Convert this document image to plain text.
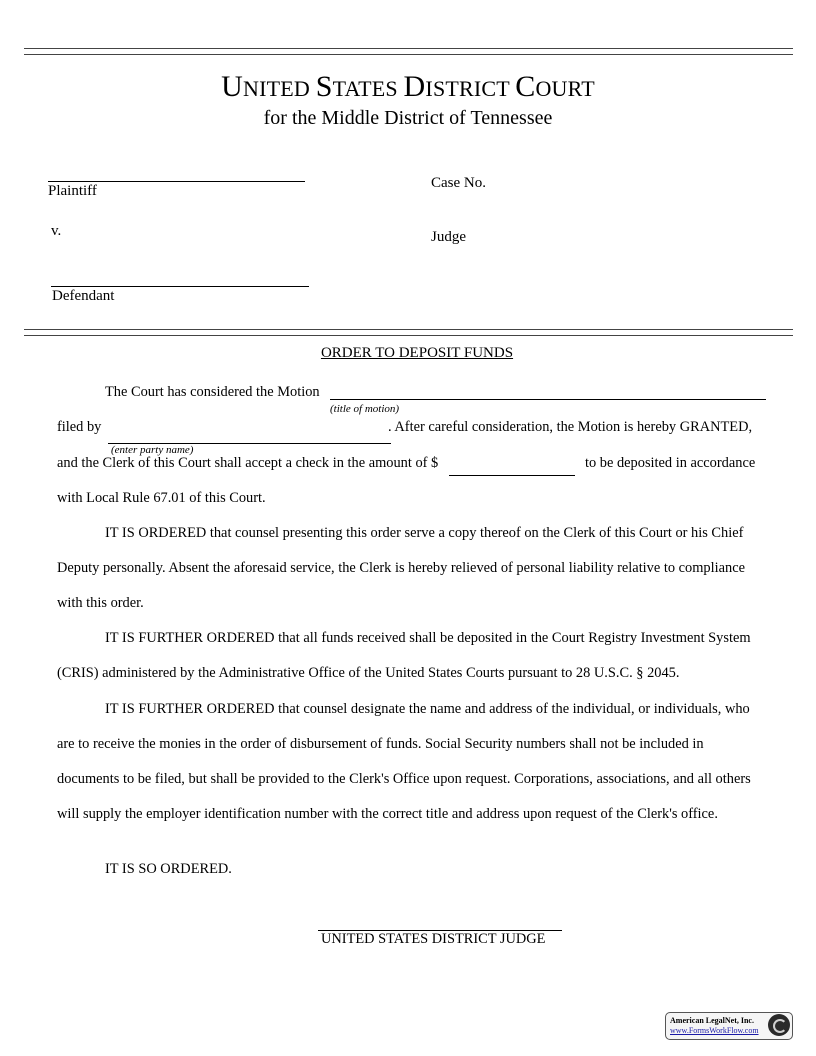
UNITED STATES DISTRICT COURT
for the Middle District of Tennessee
Plaintiff
v.
Defendant
Case No.
Judge
ORDER TO DEPOSIT FUNDS
The Court has considered the Motion
(title of motion)
filed by
(enter party name)
. After careful consideration, the Motion is hereby GRANTED,
and the Clerk of this Court shall accept a check in the amount of $	to be deposited in accordance
with Local Rule 67.01 of this Court.
IT IS ORDERED that counsel presenting this order serve a copy thereof on the Clerk of this Court or his Chief
Deputy personally. Absent the aforesaid service, the Clerk is hereby relieved of personal liability relative to compliance
with this order.
IT IS FURTHER ORDERED that all funds received shall be deposited in the Court Registry Investment System
(CRIS) administered by the Administrative Office of the United States Courts pursuant to 28 U.S.C. § 2045.
IT IS FURTHER ORDERED that counsel designate the name and address of the individual, or individuals, who
are to receive the monies in the order of disbursement of funds. Social Security numbers shall not be included in
documents to be filed, but shall be provided to the Clerk's Office upon request. Corporations, associations, and all others
will supply the employer identification number with the correct title and address upon request of the Clerk's office.
IT IS SO ORDERED.
UNITED STATES DISTRICT JUDGE
American LegalNet, Inc.
www.FormsWorkFlow.com
